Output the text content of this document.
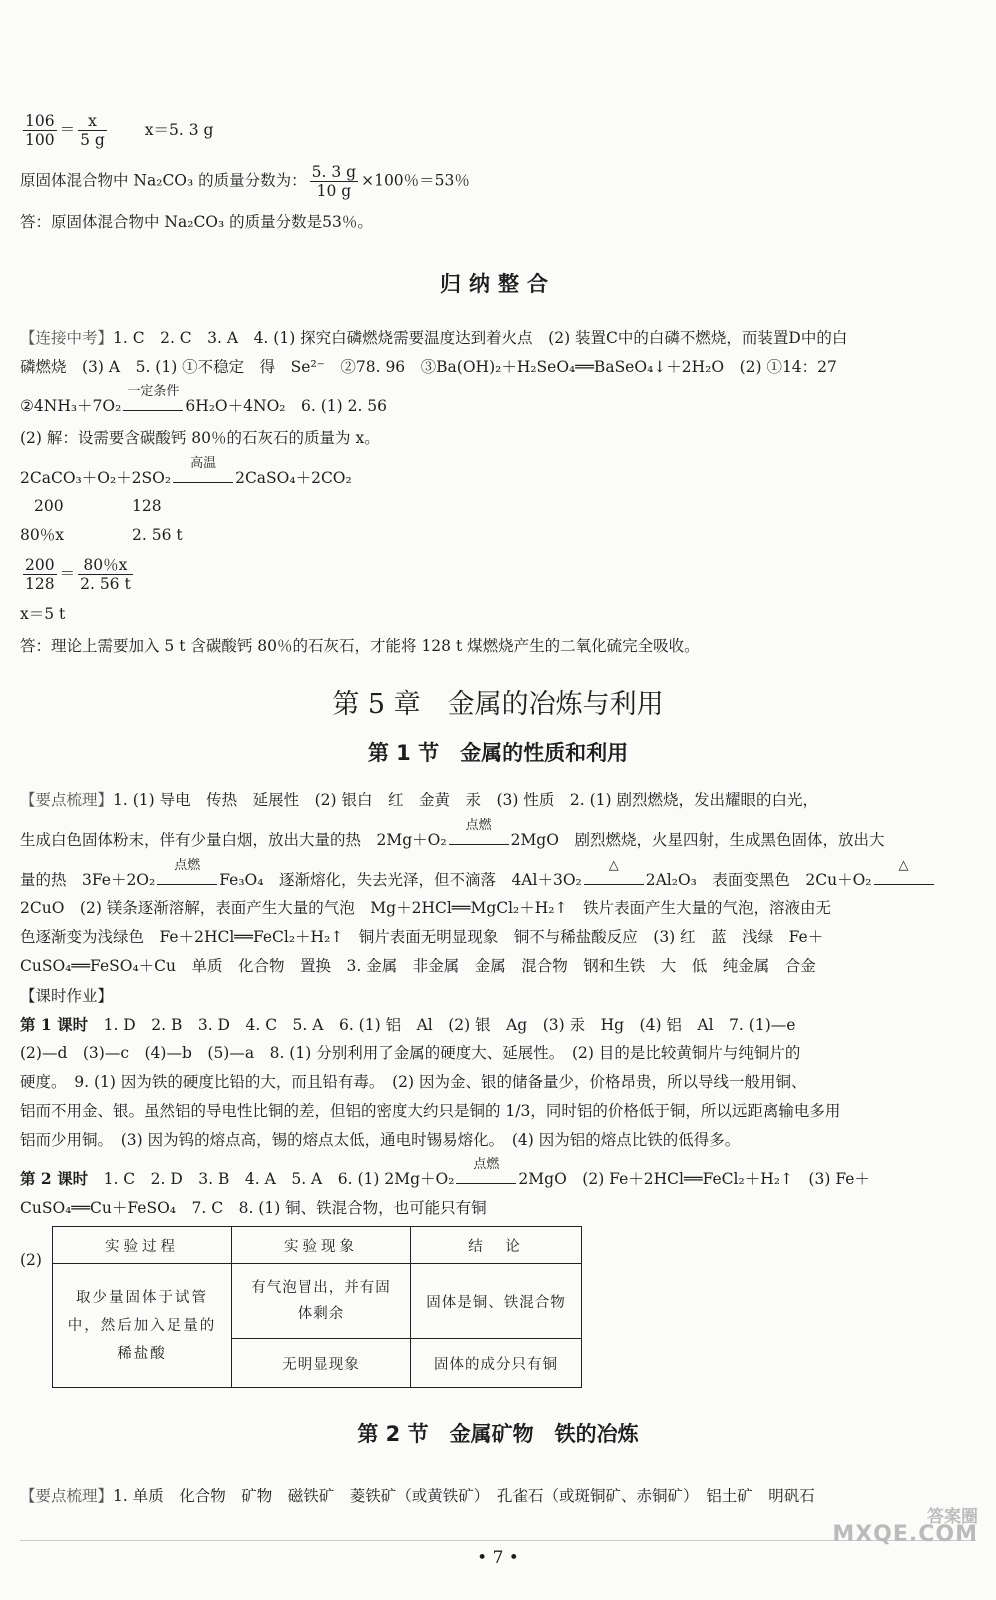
$\frac{106}{100} = \frac{x}{5 g} x=5$. 3 g
原固体混合物中 Na₂CO₃ 的质量分数为： $\frac{5. 3 g}{10 g} \times 100$％＝53％
答：原固体混合物中 Na₂CO₃ 的质量分数是53％。
归纳整合
【连接中考】1. C　2. C　3. A　4. (1) 探究白磷燃烧需要温度达到着火点　(2) 装置C中的白磷不燃烧，而装置D中的白
磷燃烧　(3) A　5. (1) ①不稳定　得　Se²⁻　②78. 96　③Ba(OH)₂＋H₂SeO₄══BaSeO₄↓＋2H₂O　(2) ①14：27
②4NH₃＋7O₂
一定条件
6H₂O＋4NO₂　6. (1) 2. 56
(2) 解：设需要含碳酸钙 80％的石灰石的质量为 x。
2CaCO₃＋O₂＋2SO₂
高温
2CaSO₄＋2CO₂
200	128
80％x	2. 56 t
$\frac{200}{128} = \frac{80\%x}{2. 56 t}$
x＝5 t
答：理论上需要加入 5 t 含碳酸钙 80％的石灰石，才能将 128 t 煤燃烧产生的二氧化硫完全吸收。
第 5 章　金属的冶炼与利用
第 1 节　金属的性质和利用
【要点梳理】1. (1) 导电　传热　延展性　(2) 银白　红　金黄　汞　(3) 性质　2. (1) 剧烈燃烧，发出耀眼的白光，
生成白色固体粉末，伴有少量白烟，放出大量的热　2Mg＋O₂
点燃
2MgO　剧烈燃烧，火星四射，生成黑色固体，放出大
量的热　3Fe＋2O₂
点燃
Fe₃O₄　逐渐熔化，失去光泽，但不滴落　4Al＋3O₂
△
2Al₂O₃　表面变黑色　2Cu＋O₂
△
2CuO　(2) 镁条逐渐溶解，表面产生大量的气泡　Mg＋2HCl══MgCl₂＋H₂↑　铁片表面产生大量的气泡，溶液由无
色逐渐变为浅绿色　Fe＋2HCl══FeCl₂＋H₂↑　铜片表面无明显现象　铜不与稀盐酸反应　(3) 红　蓝　浅绿　Fe＋
CuSO₄══FeSO₄＋Cu　单质　化合物　置换　3. 金属　非金属　金属　混合物　钢和生铁　大　低　纯金属　合金
【课时作业】
第 1 课时　 1. D　2. B　3. D　4. C　5. A　6. (1) 铝　Al　(2) 银　Ag　(3) 汞　Hg　(4) 铝　Al　7. (1)—e
(2)—d　(3)—c　(4)—b　(5)—a　8. (1) 分别利用了金属的硬度大、延展性。　(2) 目的是比较黄铜片与纯铜片的
硬度。　9. (1) 因为铁的硬度比铅的大，而且铅有毒。　(2) 因为金、银的储备量少，价格昂贵，所以导线一般用铜、
铝而不用金、银。虽然铝的导电性比铜的差，但铝的密度大约只是铜的 1/3，同时铝的价格低于铜，所以远距离输电多用
铝而少用铜。　(3) 因为钨的熔点高，锡的熔点太低，通电时锡易熔化。　(4) 因为铝的熔点比铁的低得多。
第 2 课时　 1. C　2. D　3. B　4. A　5. A　6. (1) 2Mg＋O₂
点燃
2MgO　(2) Fe＋2HCl══FeCl₂＋H₂↑　(3) Fe＋
CuSO₄══Cu＋FeSO₄　7. C　8. (1) 铜、铁混合物，也可能只有铜
(2)
实验过程	实验现象	结　论
取少量固体于试管中，然后加入足量的稀盐酸	有气泡冒出，并有固体剩余	固体是铜、铁混合物
	无明显现象	固体的成分只有铜
第 2 节　金属矿物　铁的冶炼
【要点梳理】1. 单质　化合物　矿物　磁铁矿　菱铁矿（或黄铁矿）　孔雀石（或斑铜矿、赤铜矿）　铝土矿　明矾石
• 7 •
答案圈
MXQE.COM
